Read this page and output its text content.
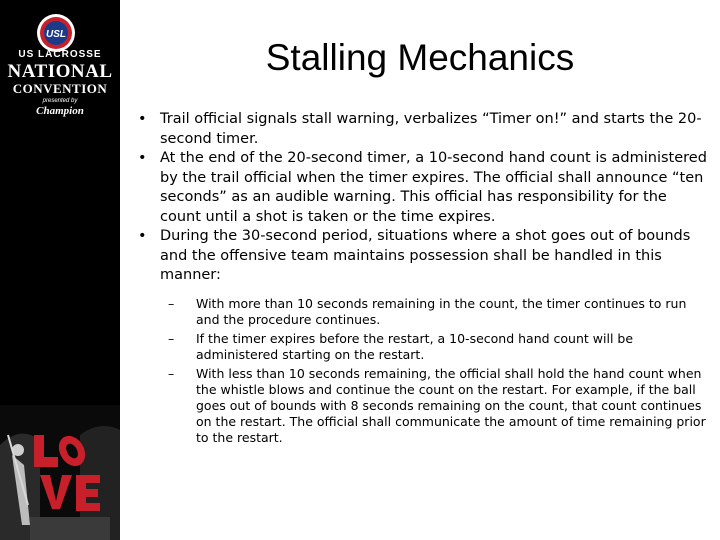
USL
US LACROSSE
NATIONAL
CONVENTION
presented by
Champion
Stalling Mechanics
• Trail official signals stall warning, verbalizes “Timer on!” and starts the 20-second timer.
• At the end of the 20-second timer, a 10-second hand count is administered by the trail official when the timer expires. The official shall announce “ten seconds” as an audible warning. This official has responsibility for the count until a shot is taken or the time expires.
• During the 30-second period, situations where a shot goes out of bounds and the offensive team maintains possession shall be handled in this manner:
– With more than 10 seconds remaining in the count, the timer continues to run and the procedure continues.
– If the timer expires before the restart, a 10-second hand count will be administered starting on the restart.
– With less than 10 seconds remaining, the official shall hold the hand count when the whistle blows and continue the count on the restart. For example, if the ball goes out of bounds with 8 seconds remaining on the count, that count continues on the restart. The official shall communicate the amount of time remaining prior to the restart.
